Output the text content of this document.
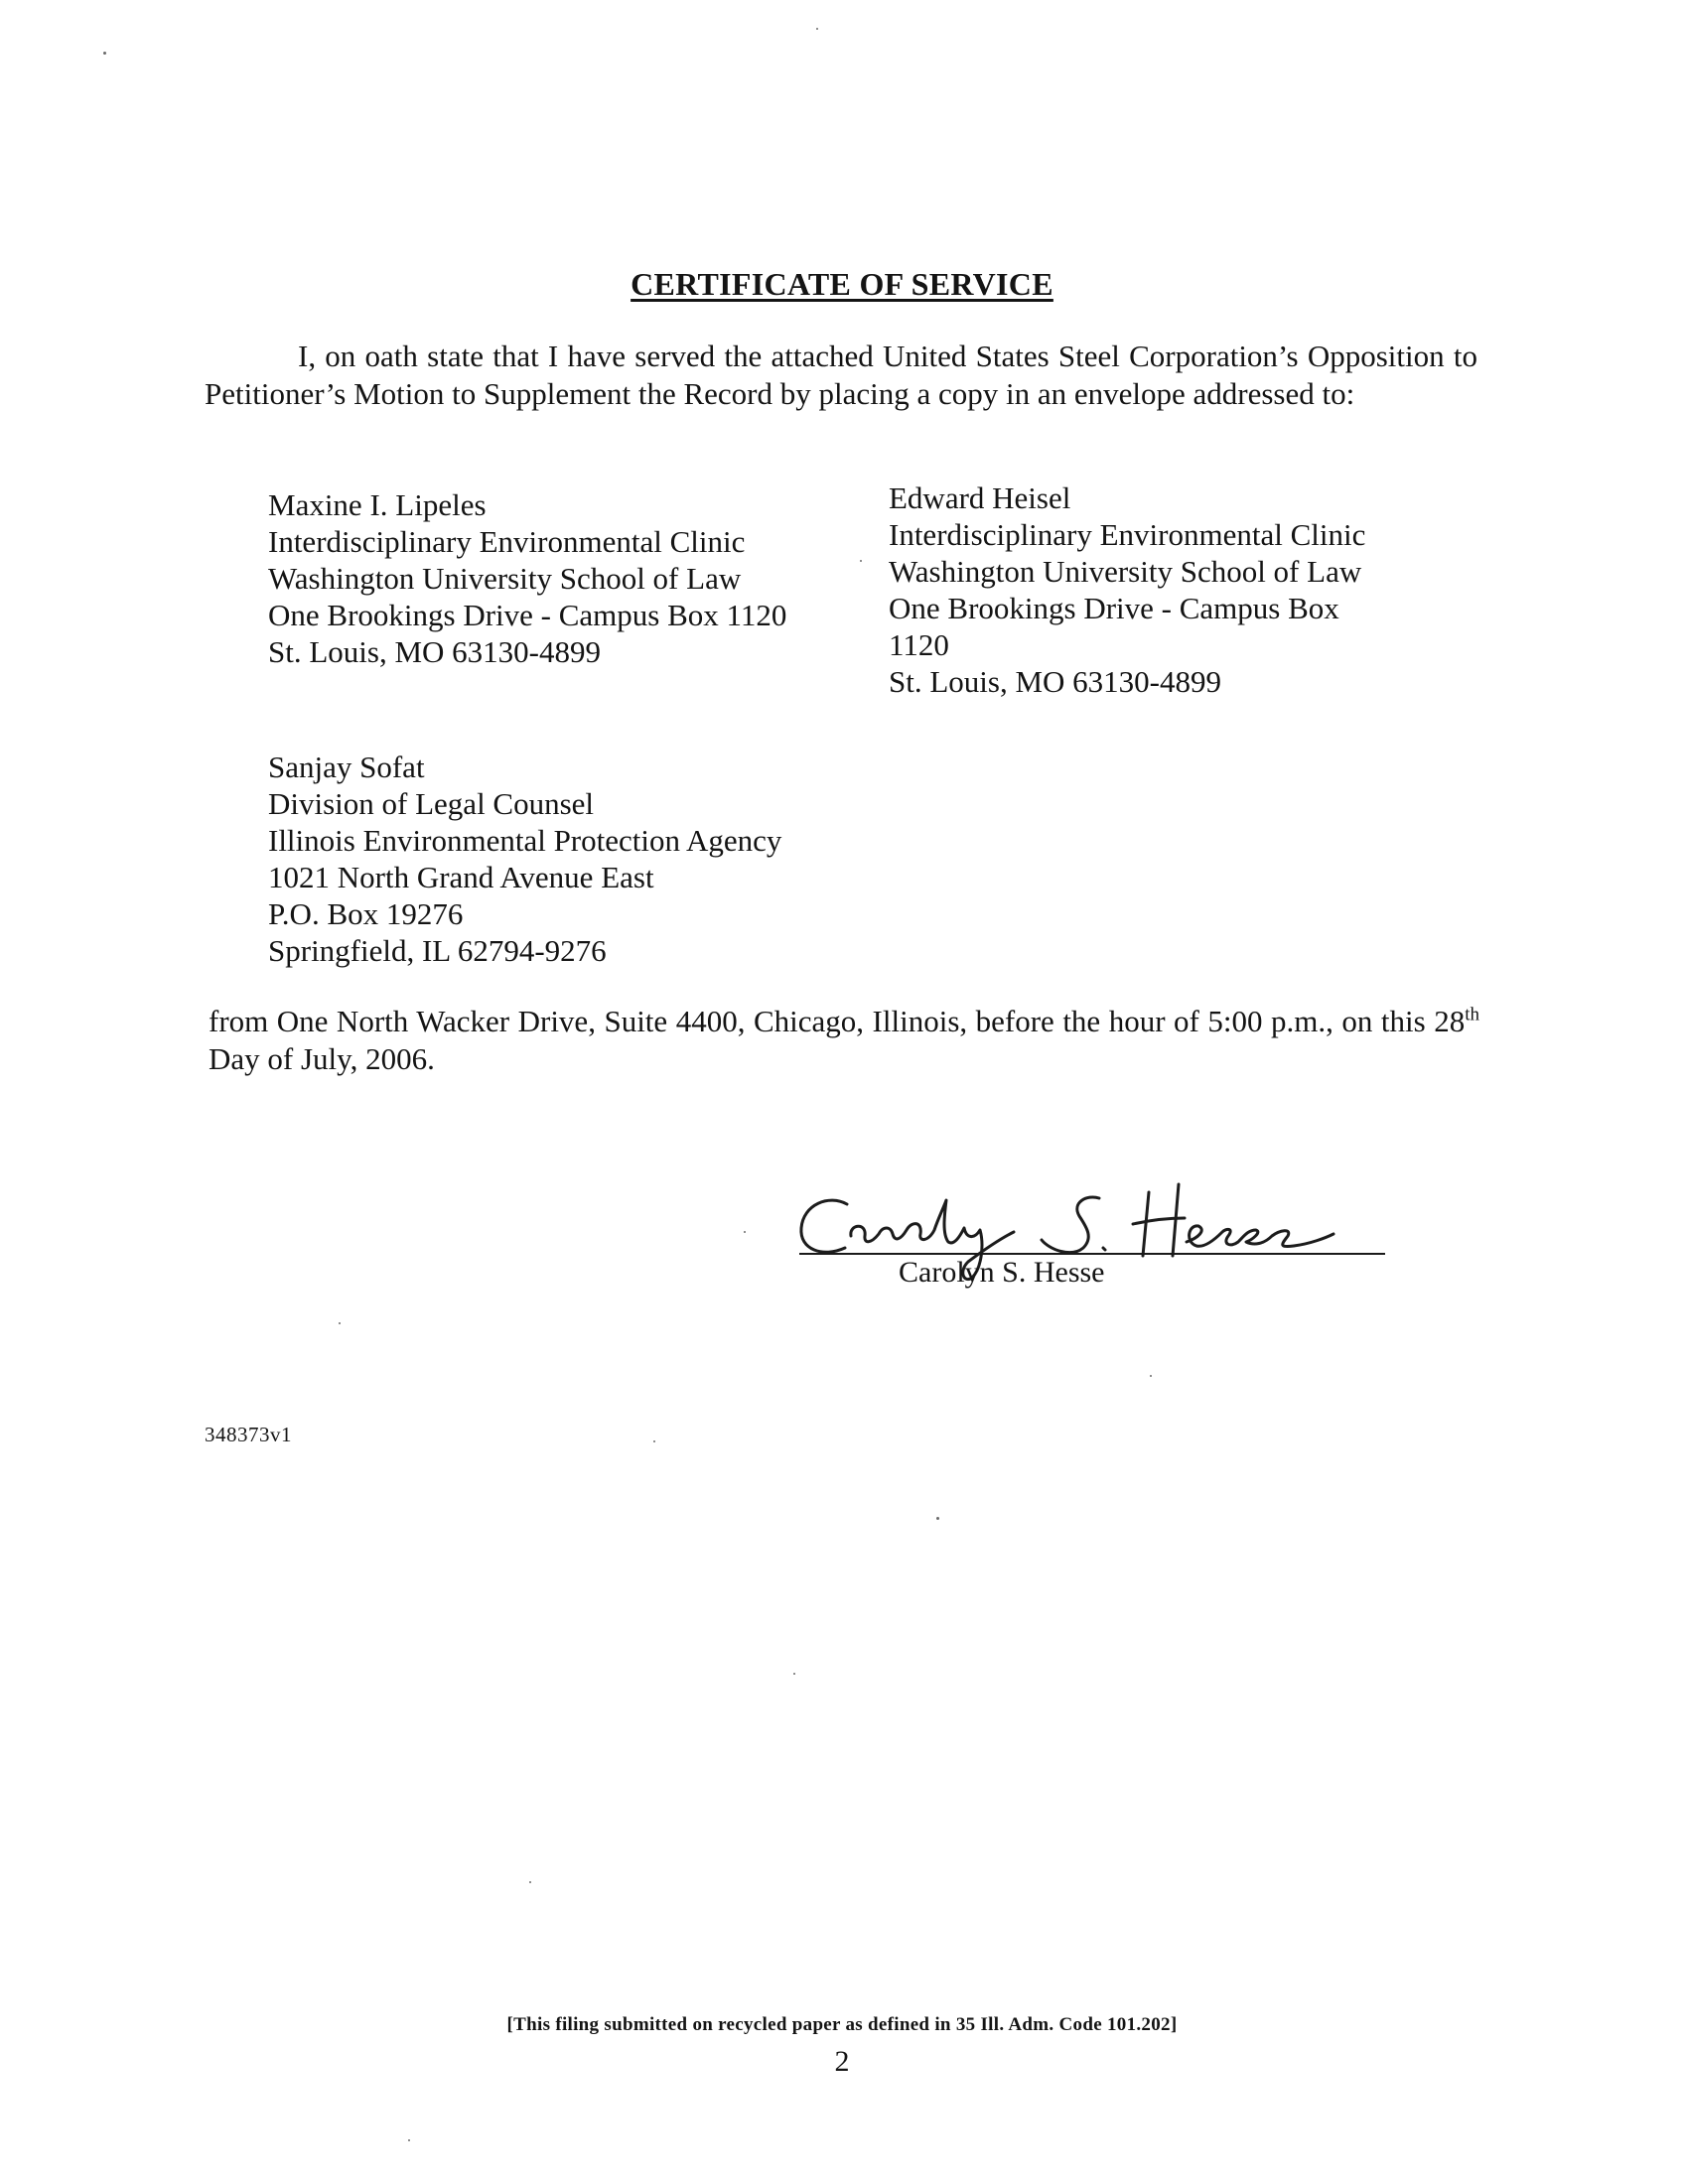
CERTIFICATE OF SERVICE

I, on oath state that I have served the attached United States Steel Corporation’s Opposition to Petitioner’s Motion to Supplement the Record by placing a copy in an envelope addressed to:

Maxine I. Lipeles
Interdisciplinary Environmental Clinic
Washington University School of Law
One Brookings Drive - Campus Box 1120
St. Louis, MO 63130-4899
Edward Heisel
Interdisciplinary Environmental Clinic
Washington University School of Law
One Brookings Drive - Campus Box
1120
St. Louis, MO 63130-4899
Sanjay Sofat
Division of Legal Counsel
Illinois Environmental Protection Agency
1021 North Grand Avenue East
P.O. Box 19276
Springfield, IL 62794-9276

from One North Wacker Drive, Suite 4400, Chicago, Illinois, before the hour of 5:00 p.m., on this 28th Day of July, 2006.

Carolyn S. Hesse
348373v1
[This filing submitted on recycled paper as defined in 35 Ill. Adm. Code 101.202]
2
